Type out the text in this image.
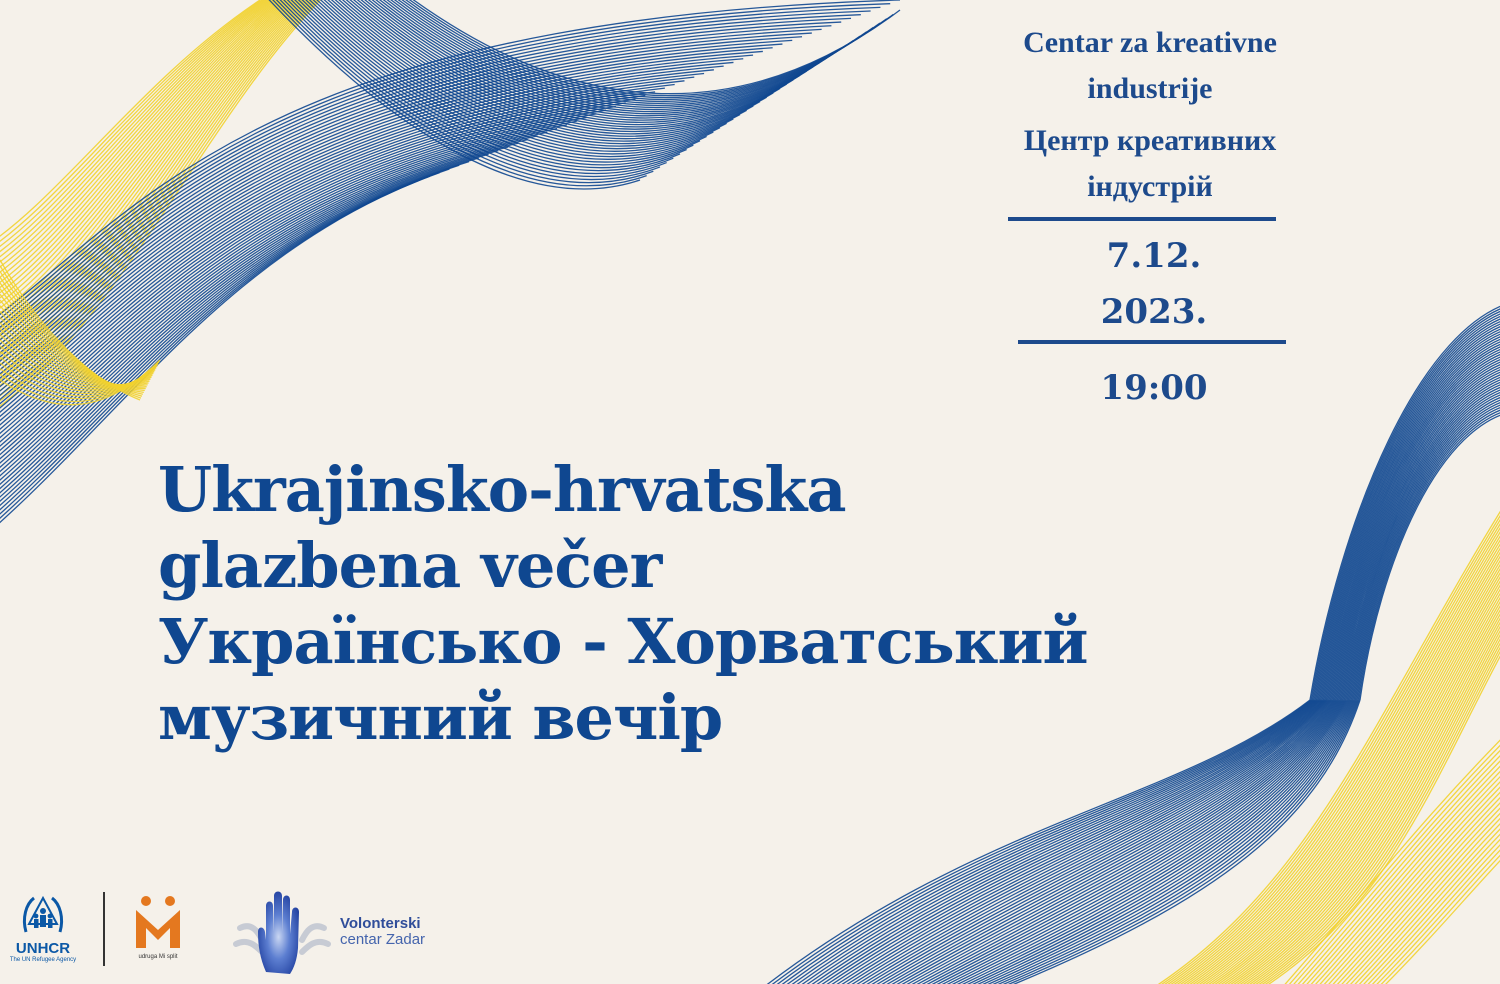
Centar za kreativne
industrije
Центр креативних
індустрій
7.12.
2023.
19:00
Ukrajinsko-hrvatska
glazbena večer
Українсько - Хорватський
музичний вечір
UNHCR
The UN Refugee Agency	udruga Mi split
Volonterski
centar Zadar
